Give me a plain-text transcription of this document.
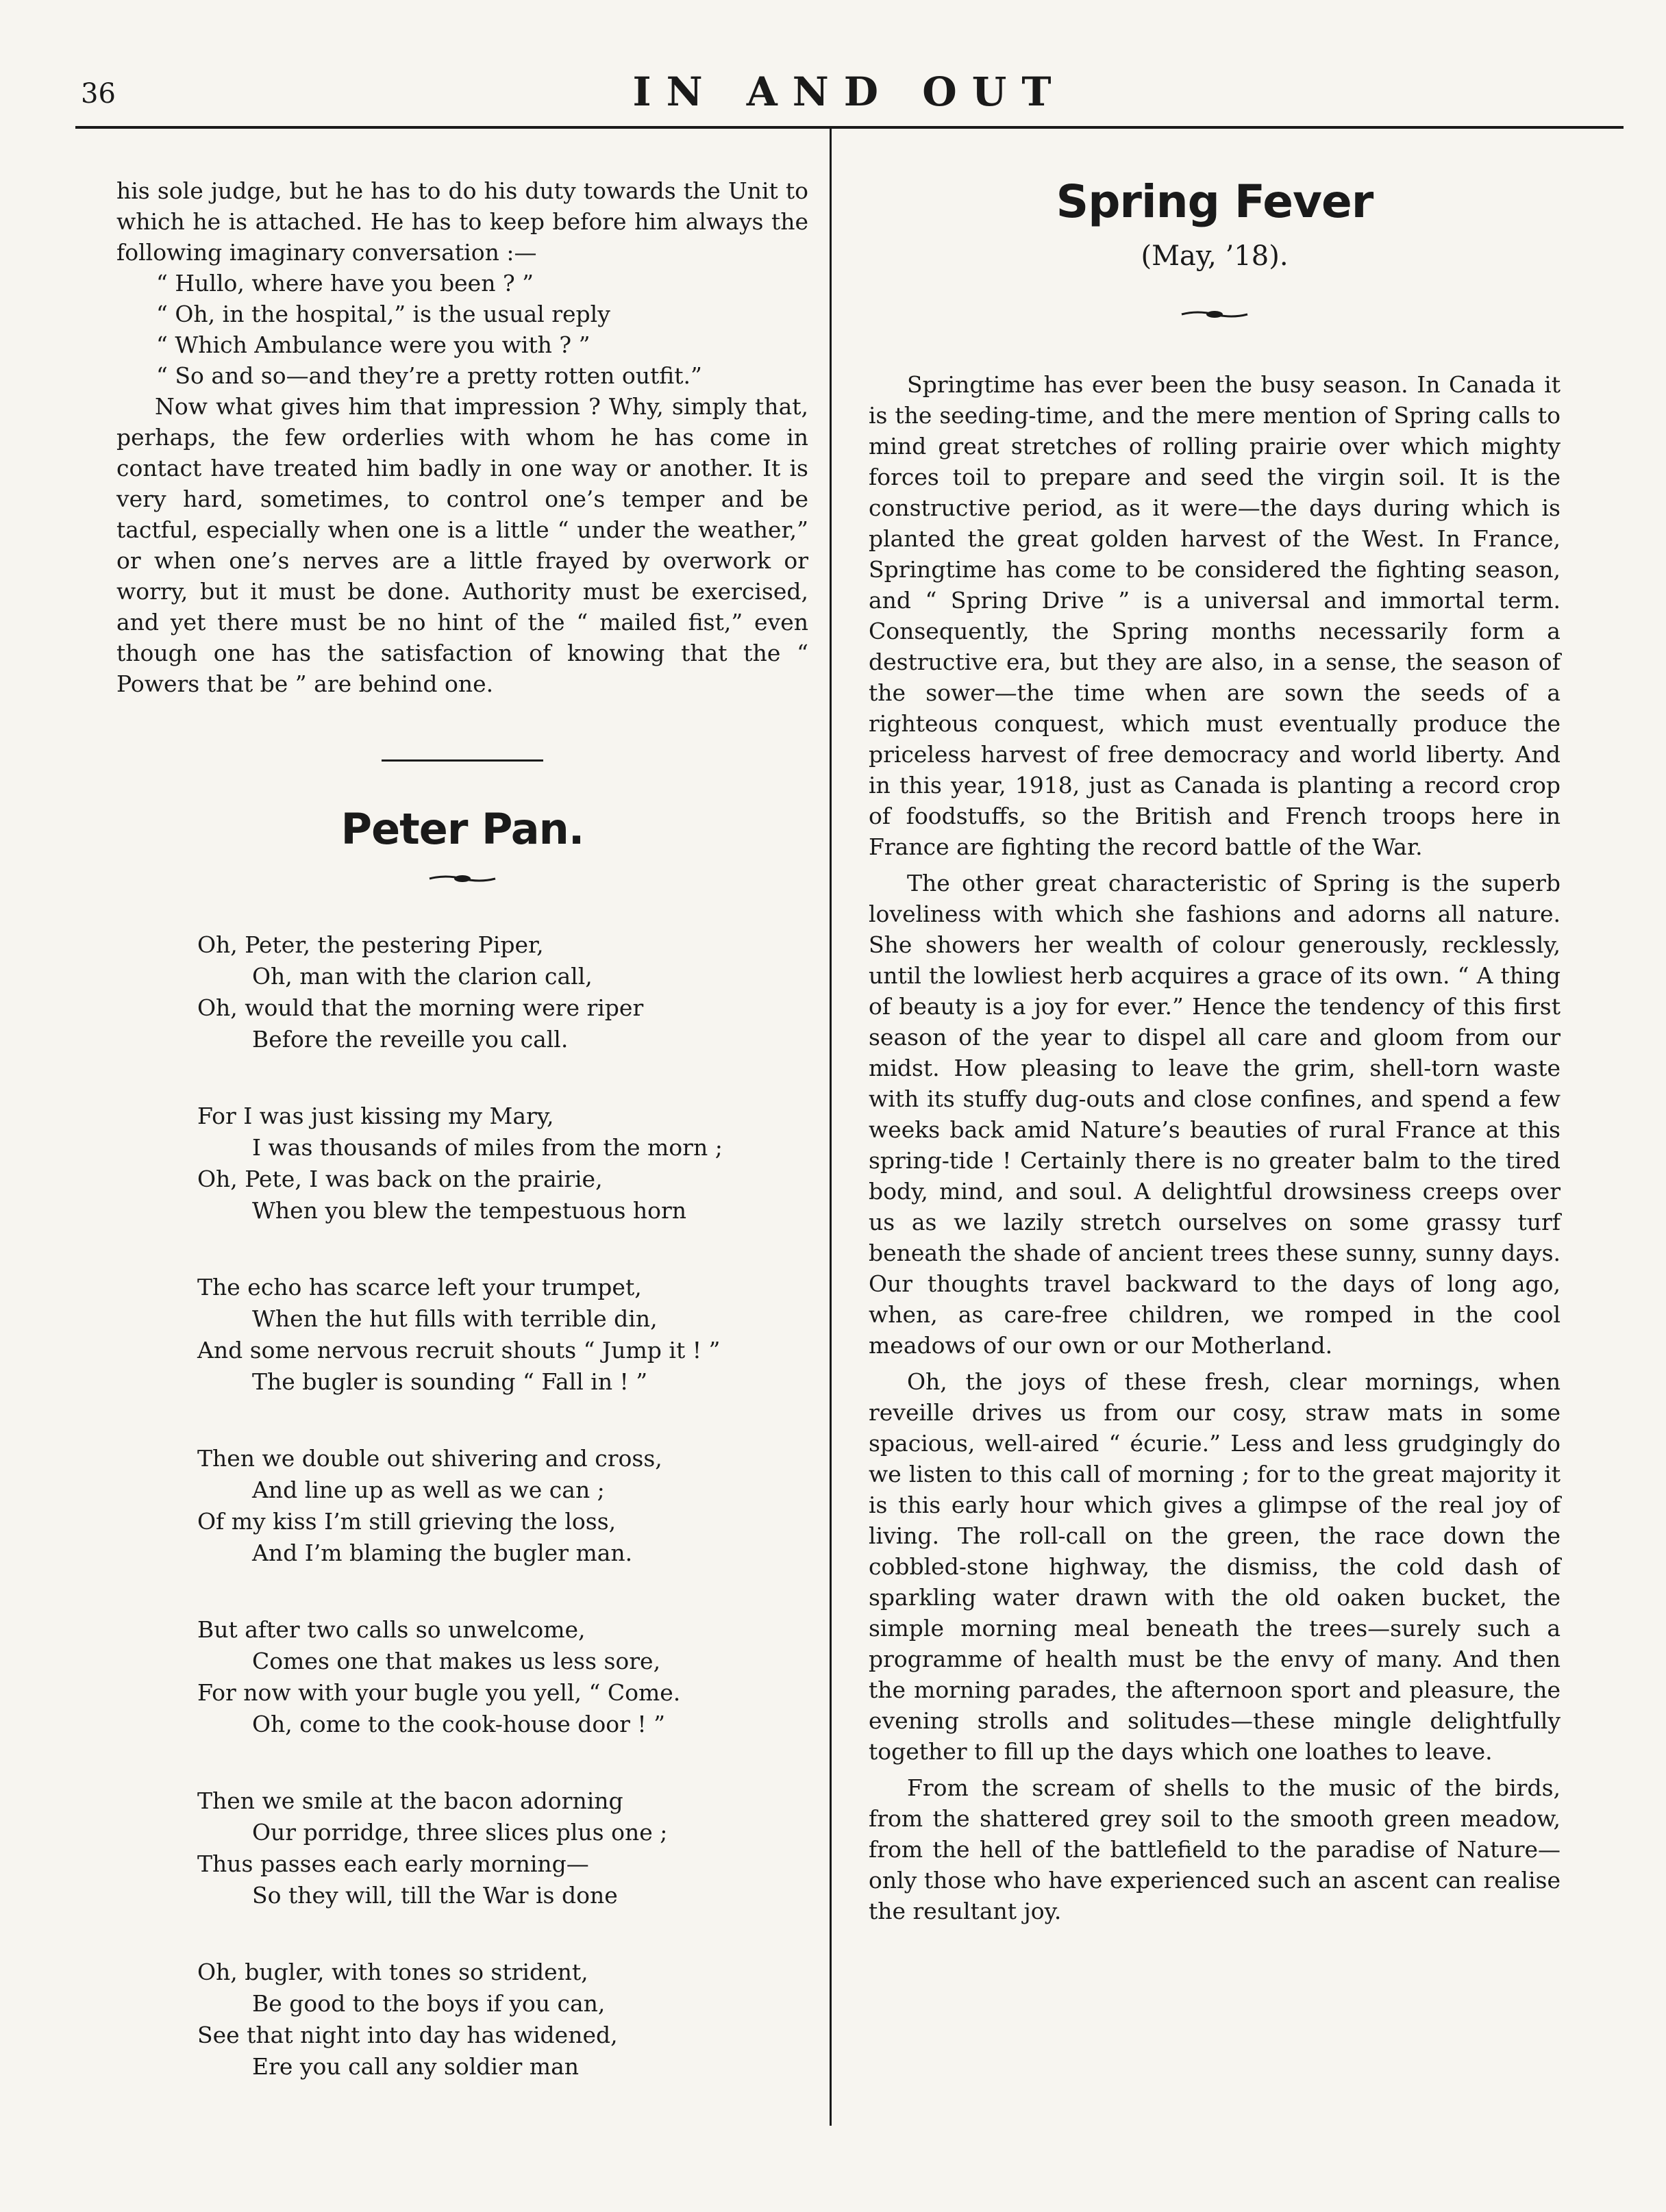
36	IN AND OUT

his sole judge, but he has to do his duty towards the Unit to which he is attached. He has to keep before him always the following imaginary conversation :—

“ Hullo, where have you been ? ”

“ Oh, in the hospital,” is the usual reply

“ Which Ambulance were you with ? ”

“ So and so—and they’re a pretty rotten outfit.”

Now what gives him that impression ? Why, simply that, perhaps, the few orderlies with whom he has come in contact have treated him badly in one way or another. It is very hard, sometimes, to control one’s temper and be tactful, especially when one is a little “ under the weather,” or when one’s nerves are a little frayed by overwork or worry, but it must be done. Authority must be exercised, and yet there must be no hint of the “ mailed fist,” even though one has the satisfaction of knowing that the “ Powers that be ” are behind one.

Peter Pan.
Oh, Peter, the pestering Piper,
Oh, man with the clarion call,
Oh, would that the morning were riper
Before the reveille you call.
For I was just kissing my Mary,
I was thousands of miles from the morn ;
Oh, Pete, I was back on the prairie,
When you blew the tempestuous horn
The echo has scarce left your trumpet,
When the hut fills with terrible din,
And some nervous recruit shouts “ Jump it ! ”
The bugler is sounding “ Fall in ! ”
Then we double out shivering and cross,
And line up as well as we can ;
Of my kiss I’m still grieving the loss,
And I’m blaming the bugler man.
But after two calls so unwelcome,
Comes one that makes us less sore,
For now with your bugle you yell, “ Come.
Oh, come to the cook-house door ! ”
Then we smile at the bacon adorning
Our porridge, three slices plus one ;
Thus passes each early morning—
So they will, till the War is done
Oh, bugler, with tones so strident,
Be good to the boys if you can,
See that night into day has widened,
Ere you call any soldier man
Spring Fever
(May, ’18).

Springtime has ever been the busy season. In Canada it is the seeding-time, and the mere mention of Spring calls to mind great stretches of rolling prairie over which mighty forces toil to prepare and seed the virgin soil. It is the constructive period, as it were—the days during which is planted the great golden harvest of the West. In France, Springtime has come to be considered the fighting season, and “ Spring Drive ” is a universal and immortal term. Consequently, the Spring months necessarily form a destructive era, but they are also, in a sense, the season of the sower—the time when are sown the seeds of a righteous conquest, which must eventually produce the priceless harvest of free democracy and world liberty. And in this year, 1918, just as Canada is planting a record crop of foodstuffs, so the British and French troops here in France are fighting the record battle of the War.

The other great characteristic of Spring is the superb loveliness with which she fashions and adorns all nature. She showers her wealth of colour generously, recklessly, until the lowliest herb acquires a grace of its own. “ A thing of beauty is a joy for ever.” Hence the tendency of this first season of the year to dispel all care and gloom from our midst. How pleasing to leave the grim, shell-torn waste with its stuffy dug-outs and close confines, and spend a few weeks back amid Nature’s beauties of rural France at this spring-tide ! Certainly there is no greater balm to the tired body, mind, and soul. A delightful drowsiness creeps over us as we lazily stretch ourselves on some grassy turf beneath the shade of ancient trees these sunny, sunny days. Our thoughts travel backward to the days of long ago, when, as care-free children, we romped in the cool meadows of our own or our Motherland.

Oh, the joys of these fresh, clear mornings, when reveille drives us from our cosy, straw mats in some spacious, well-aired “ écurie.” Less and less grudgingly do we listen to this call of morning ; for to the great majority it is this early hour which gives a glimpse of the real joy of living. The roll-call on the green, the race down the cobbled-stone highway, the dismiss, the cold dash of sparkling water drawn with the old oaken bucket, the simple morning meal beneath the trees—surely such a programme of health must be the envy of many. And then the morning parades, the afternoon sport and pleasure, the evening strolls and solitudes—these mingle delightfully together to fill up the days which one loathes to leave.

From the scream of shells to the music of the birds, from the shattered grey soil to the smooth green meadow, from the hell of the battlefield to the paradise of Nature—only those who have experienced such an ascent can realise the resultant joy.
